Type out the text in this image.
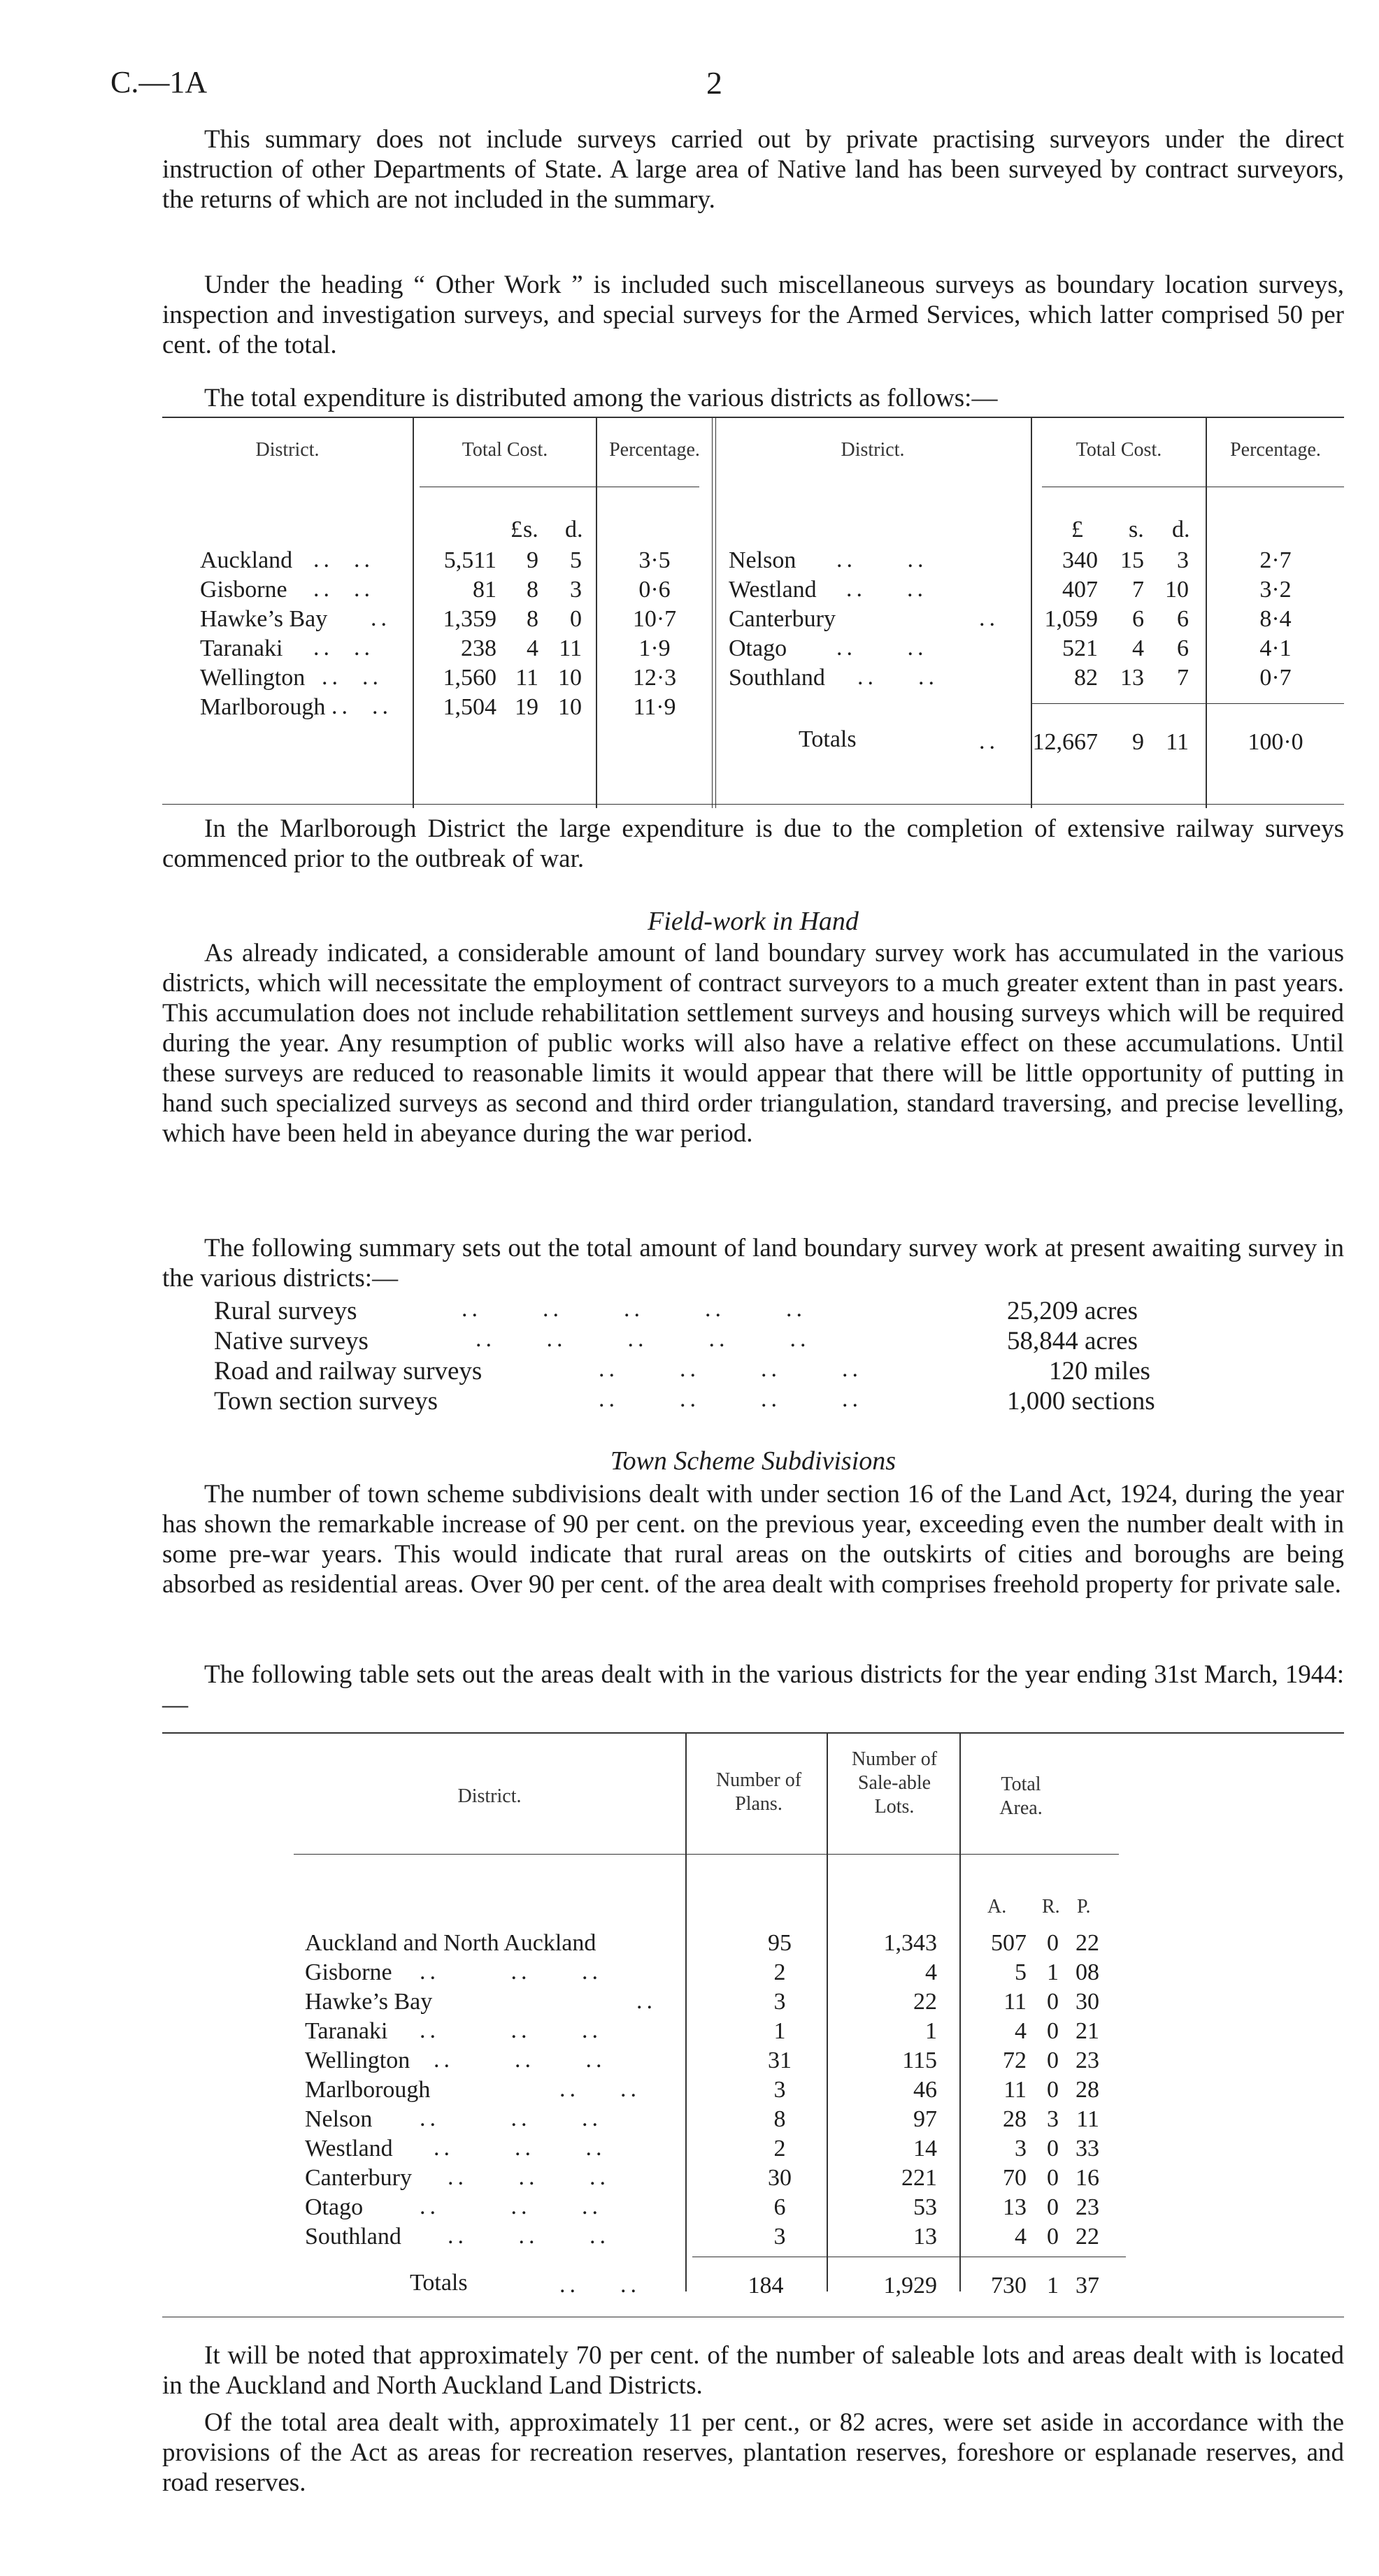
C.—1A	2

This summary does not include surveys carried out by private practising surveyors under the direct instruction of other Departments of State. A large area of Native land has been surveyed by contract surveyors, the returns of which are not included in the summary.

Under the heading “ Other Work ” is included such miscellaneous surveys as boundary location surveys, inspection and investigation surveys, and special surveys for the Armed Services, which latter comprised 50 per cent. of the total.

The total expenditure is distributed among the various districts as follows:—

District.	Total Cost.	Percentage.	District.	Total Cost.	Percentage.
£ s. d.	£ s. d.
Auckland ..  ..	5,511	9	5	3·5
Gisborne ..  ..	81	8	3	0·6
Hawke’s Bay ..	1,359	8	0	10·7
Taranaki ..  ..	238	4 11	1·9
Wellington ..  ..	1,560 11 10	12·3
Marlborough ..  ..	1,504 19 10	11·9
Nelson ..     ..	340 15	3	2·7
Westland ..    ..	407	7 10	3·2
Canterbury	..	1,059	6	6	8·4
Otago ..     ..	521	4	6	4·1
Southland ..    ..	82 13	7	0·7
Totals	.. 12,667	9 11	100·0

In the Marlborough District the large expenditure is due to the completion of extensive railway surveys commenced prior to the outbreak of war.

Field-work in Hand

As already indicated, a considerable amount of land boundary survey work has accumulated in the various districts, which will necessitate the employment of contract surveyors to a much greater extent than in past years. This accumulation does not include rehabilitation settlement surveys and housing surveys which will be required during the year. Any resumption of public works will also have a relative effect on these accumulations. Until these surveys are reduced to reasonable limits it would appear that there will be little opportunity of putting in hand such specialized surveys as second and third order triangulation, standard traversing, and precise levelling, which have been held in abeyance during the war period.

The following summary sets out the total amount of land boundary survey work at present awaiting survey in the various districts:—

Rural surveys	..      ..      ..      ..      ..	25,209 acres
Native surveys	..     ..      ..      ..      ..	58,844 acres
Road and railway surveys	..      ..      ..      ..	120 miles
Town section surveys	..      ..      ..      ..	1,000 sections
Town Scheme Subdivisions

The number of town scheme subdivisions dealt with under section 16 of the Land Act, 1924, during the year has shown the remarkable increase of 90 per cent. on the previous year, exceeding even the number dealt with in some pre-war years. This would indicate that rural areas on the outskirts of cities and boroughs are being absorbed as residential areas. Over 90 per cent. of the area dealt with comprises freehold property for private sale.

The following table sets out the areas dealt with in the various districts for the year ending 31st March, 1944:—

District.
Number of Plans.
Number of Sale-able Lots.
Total Area.
A. R. P.
Auckland and North Auckland	95	1,343	507 0 22
Gisborne ..       ..     ..	2	4	5 1 08
Hawke’s Bay	..	3	22	11 0 30
Taranaki ..       ..     ..	1	1	4 0 21
Wellington ..      ..     ..	31	115	72 0 23
Marlborough	..    ..	3	46	11 0 28
Nelson ..       ..     ..	8	97	28 3 11
Westland ..      ..     ..	2	14	3 0 33
Canterbury ..     ..     ..	30	221	70 0 16
Otago ..       ..     ..	6	53	13 0 23
Southland ..     ..     ..	3	13	4 0 22
Totals	..    ..	184	1,929	730 1 37

It will be noted that approximately 70 per cent. of the number of saleable lots and areas dealt with is located in the Auckland and North Auckland Land Districts.

Of the total area dealt with, approximately 11 per cent., or 82 acres, were set aside in accordance with the provisions of the Act as areas for recreation reserves, plantation reserves, foreshore or esplanade reserves, and road reserves.
